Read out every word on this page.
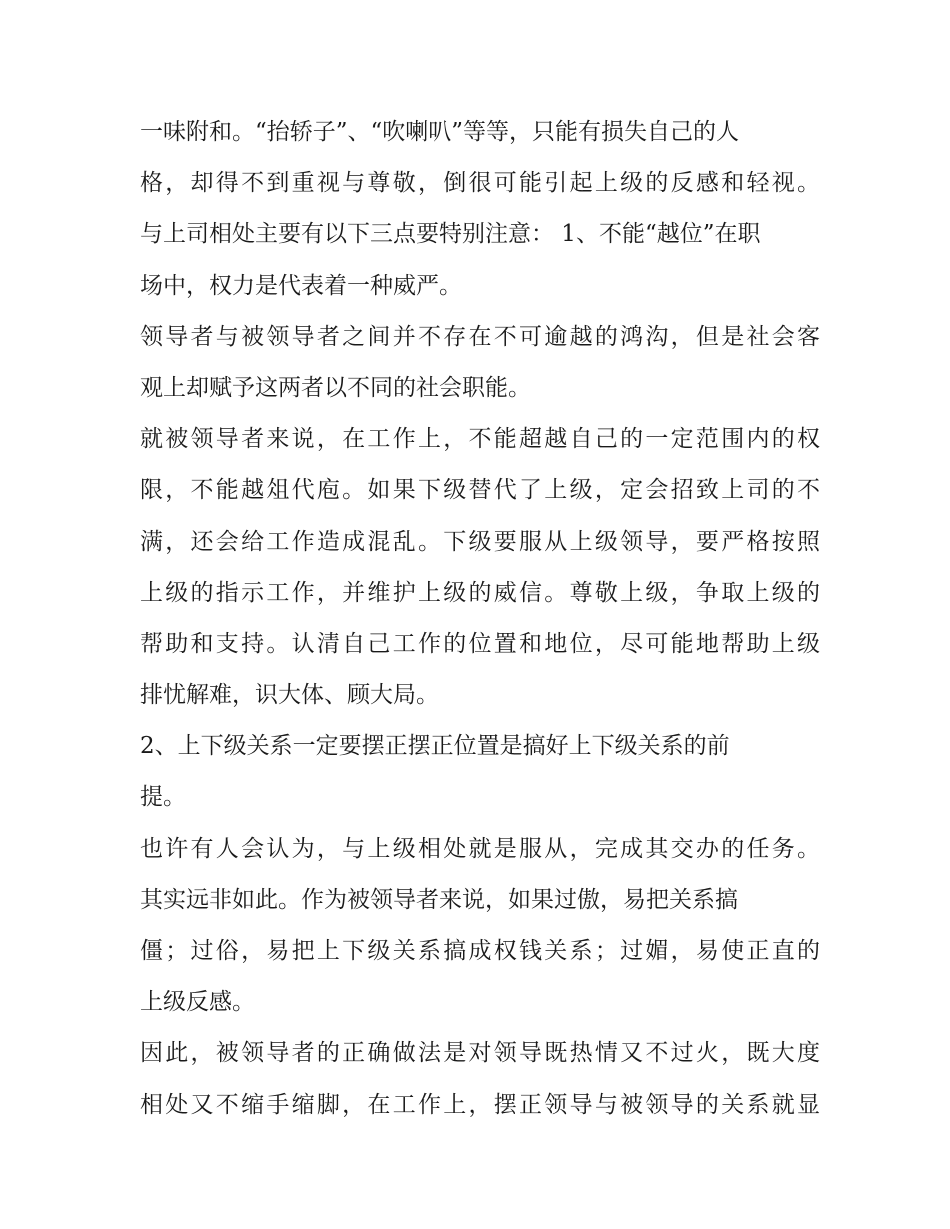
一味附和。“抬轿子”、“吹喇叭”等等，只能有损失自己的人
格，却得不到重视与尊敬，倒很可能引起上级的反感和轻视。
与上司相处主要有以下三点要特别注意： 1、不能“越位”在职
场中，权力是代表着一种威严。
领导者与被领导者之间并不存在不可逾越的鸿沟，但是社会客
观上却赋予这两者以不同的社会职能。
就被领导者来说，在工作上，不能超越自己的一定范围内的权
限，不能越俎代庖。如果下级替代了上级，定会招致上司的不
满，还会给工作造成混乱。下级要服从上级领导，要严格按照
上级的指示工作，并维护上级的威信。尊敬上级，争取上级的
帮助和支持。认清自己工作的位置和地位，尽可能地帮助上级
排忧解难，识大体、顾大局。
2、上下级关系一定要摆正摆正位置是搞好上下级关系的前
提。
也许有人会认为，与上级相处就是服从，完成其交办的任务。
其实远非如此。作为被领导者来说，如果过傲，易把关系搞
僵；过俗，易把上下级关系搞成权钱关系；过媚，易使正直的
上级反感。
因此，被领导者的正确做法是对领导既热情又不过火，既大度
相处又不缩手缩脚，在工作上，摆正领导与被领导的关系就显
